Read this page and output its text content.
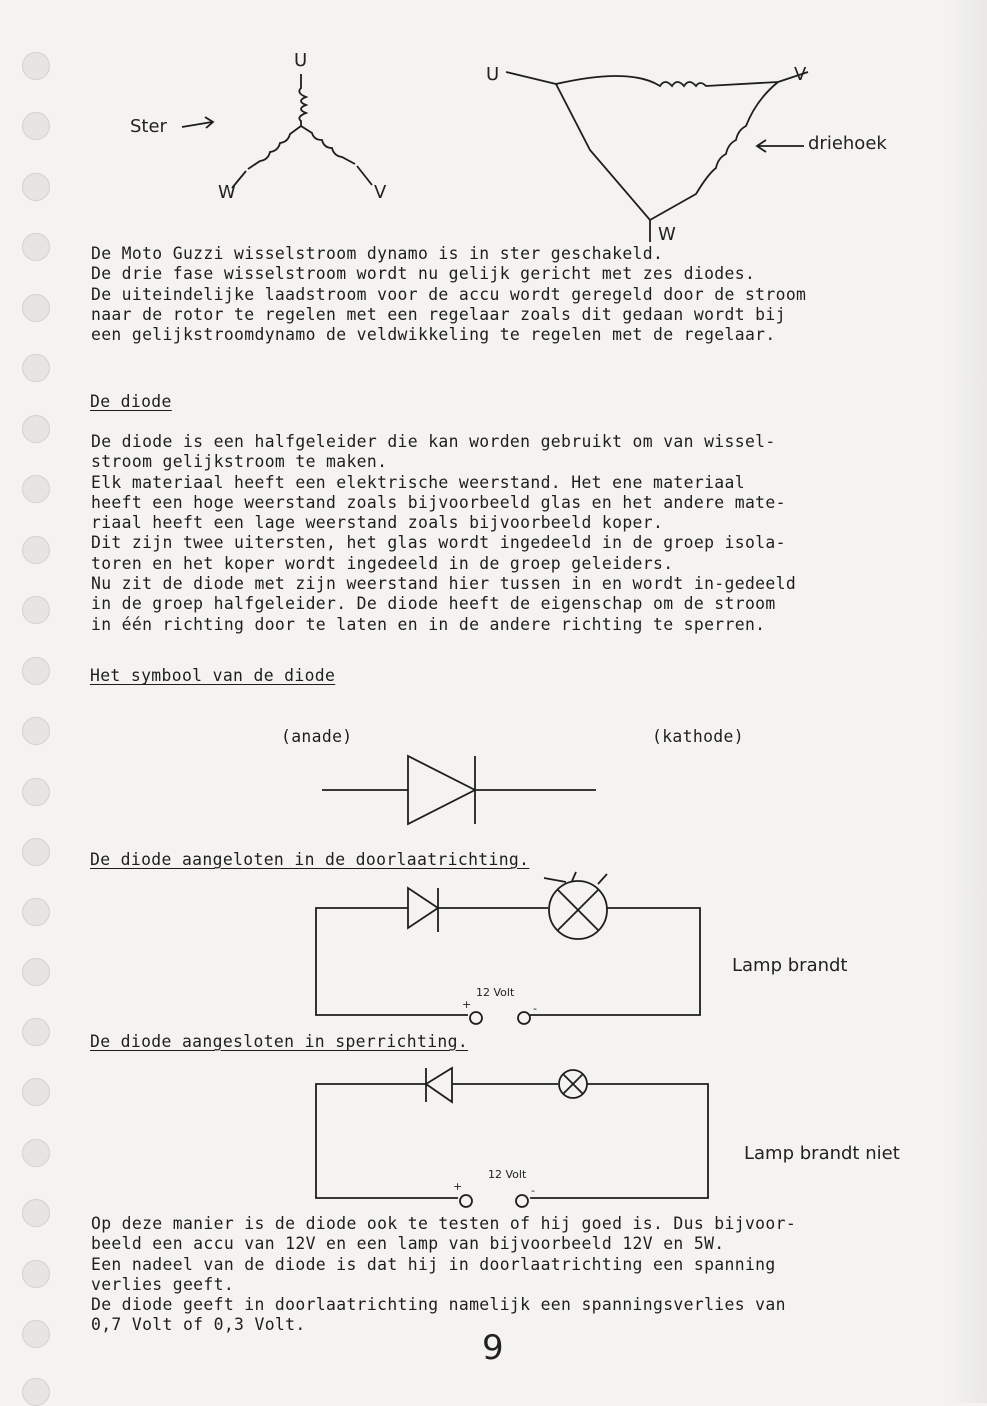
U
V
W
Ster
U	V
W
driehoek

De Moto Guzzi wisselstroom dynamo is in ster geschakeld.
De drie fase wisselstroom wordt nu gelijk gericht met zes diodes.
De uiteindelijke laadstroom voor de accu wordt geregeld door de stroom
naar de rotor te regelen met een regelaar zoals dit gedaan wordt bij
een gelijkstroomdynamo de veldwikkeling te regelen met de regelaar.

De diode

De diode is een halfgeleider die kan worden gebruikt om van wissel-
stroom gelijkstroom te maken.
Elk materiaal heeft een elektrische weerstand. Het ene materiaal
heeft een hoge weerstand zoals bijvoorbeeld glas en het andere mate-
riaal heeft een lage weerstand zoals bijvoorbeeld koper.
Dit zijn twee uitersten, het glas wordt ingedeeld in de groep isola-
toren en het koper wordt ingedeeld in de groep geleiders.
Nu zit de diode met zijn weerstand hier tussen in en wordt in-gedeeld
in de groep halfgeleider. De diode heeft de eigenschap om de stroom
in één richting door te laten en in de andere richting te sperren.

Het symbool van de diode
(anade)	(kathode)
De diode aangeloten in de doorlaatrichting.
Lamp brandt
12 Volt
+	-
De diode aangesloten in sperrichting.
Lamp brandt niet
12 Volt
+	-

Op deze manier is de diode ook te testen of hij goed is. Dus bijvoor-
beeld een accu van 12V en een lamp van bijvoorbeeld 12V en 5W.
Een nadeel van de diode is dat hij in doorlaatrichting een spanning
verlies geeft.
De diode geeft in doorlaatrichting namelijk een spanningsverlies van
0,7 Volt of 0,3 Volt.

9
